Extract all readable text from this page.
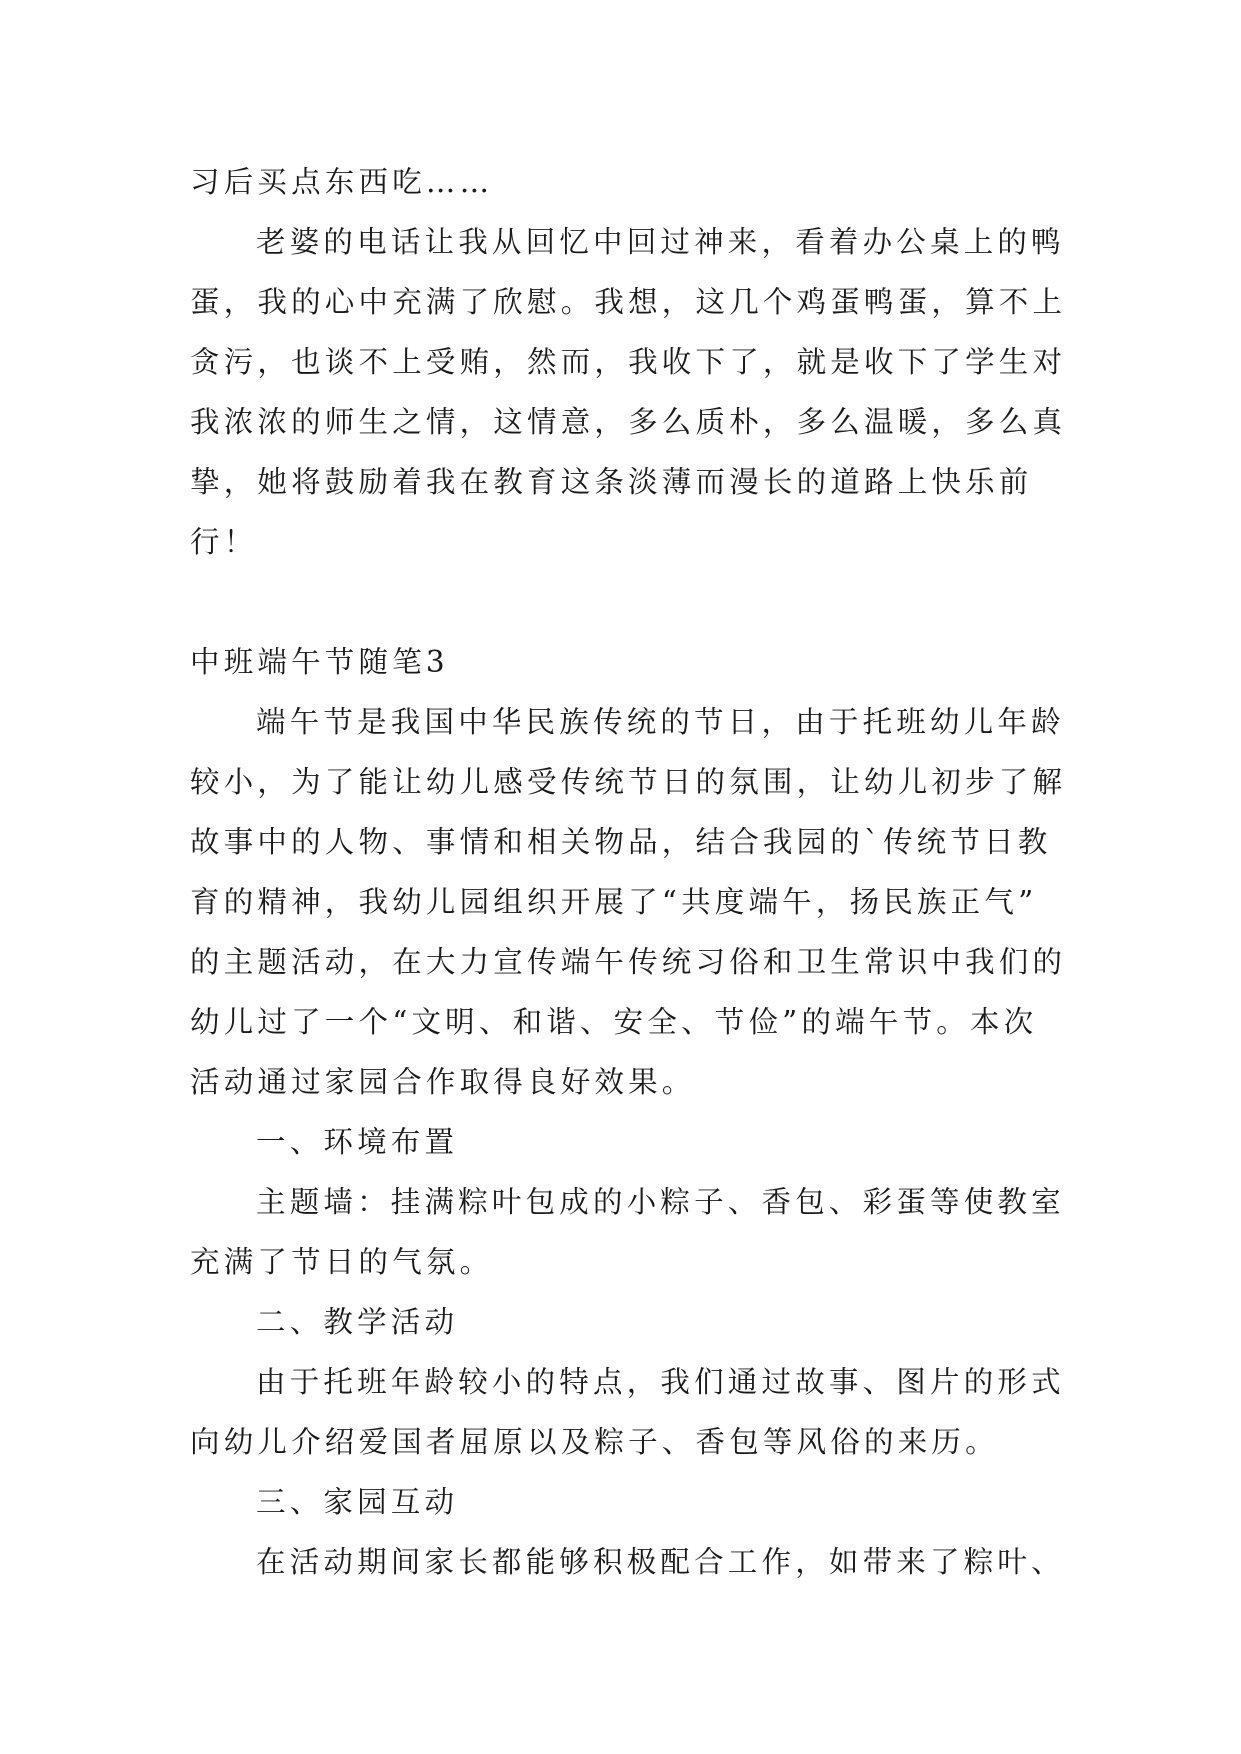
习后买点东西吃……
老婆的电话让我从回忆中回过神来，看着办公桌上的鸭
蛋，我的心中充满了欣慰。我想，这几个鸡蛋鸭蛋，算不上
贪污，也谈不上受贿，然而，我收下了，就是收下了学生对
我浓浓的师生之情，这情意，多么质朴，多么温暖，多么真
挚，她将鼓励着我在教育这条淡薄而漫长的道路上快乐前
行！
中班端午节随笔3
端午节是我国中华民族传统的节日，由于托班幼儿年龄
较小，为了能让幼儿感受传统节日的氛围，让幼儿初步了解
故事中的人物、事情和相关物品，结合我园的`传统节日教
育的精神，我幼儿园组织开展了“共度端午，扬民族正气”
的主题活动，在大力宣传端午传统习俗和卫生常识中我们的
幼儿过了一个“文明、和谐、安全、节俭”的端午节。本次
活动通过家园合作取得良好效果。
一、环境布置
主题墙：挂满粽叶包成的小粽子、香包、彩蛋等使教室
充满了节日的气氛。
二、教学活动
由于托班年龄较小的特点，我们通过故事、图片的形式
向幼儿介绍爱国者屈原以及粽子、香包等风俗的来历。
三、家园互动
在活动期间家长都能够积极配合工作，如带来了粽叶、
